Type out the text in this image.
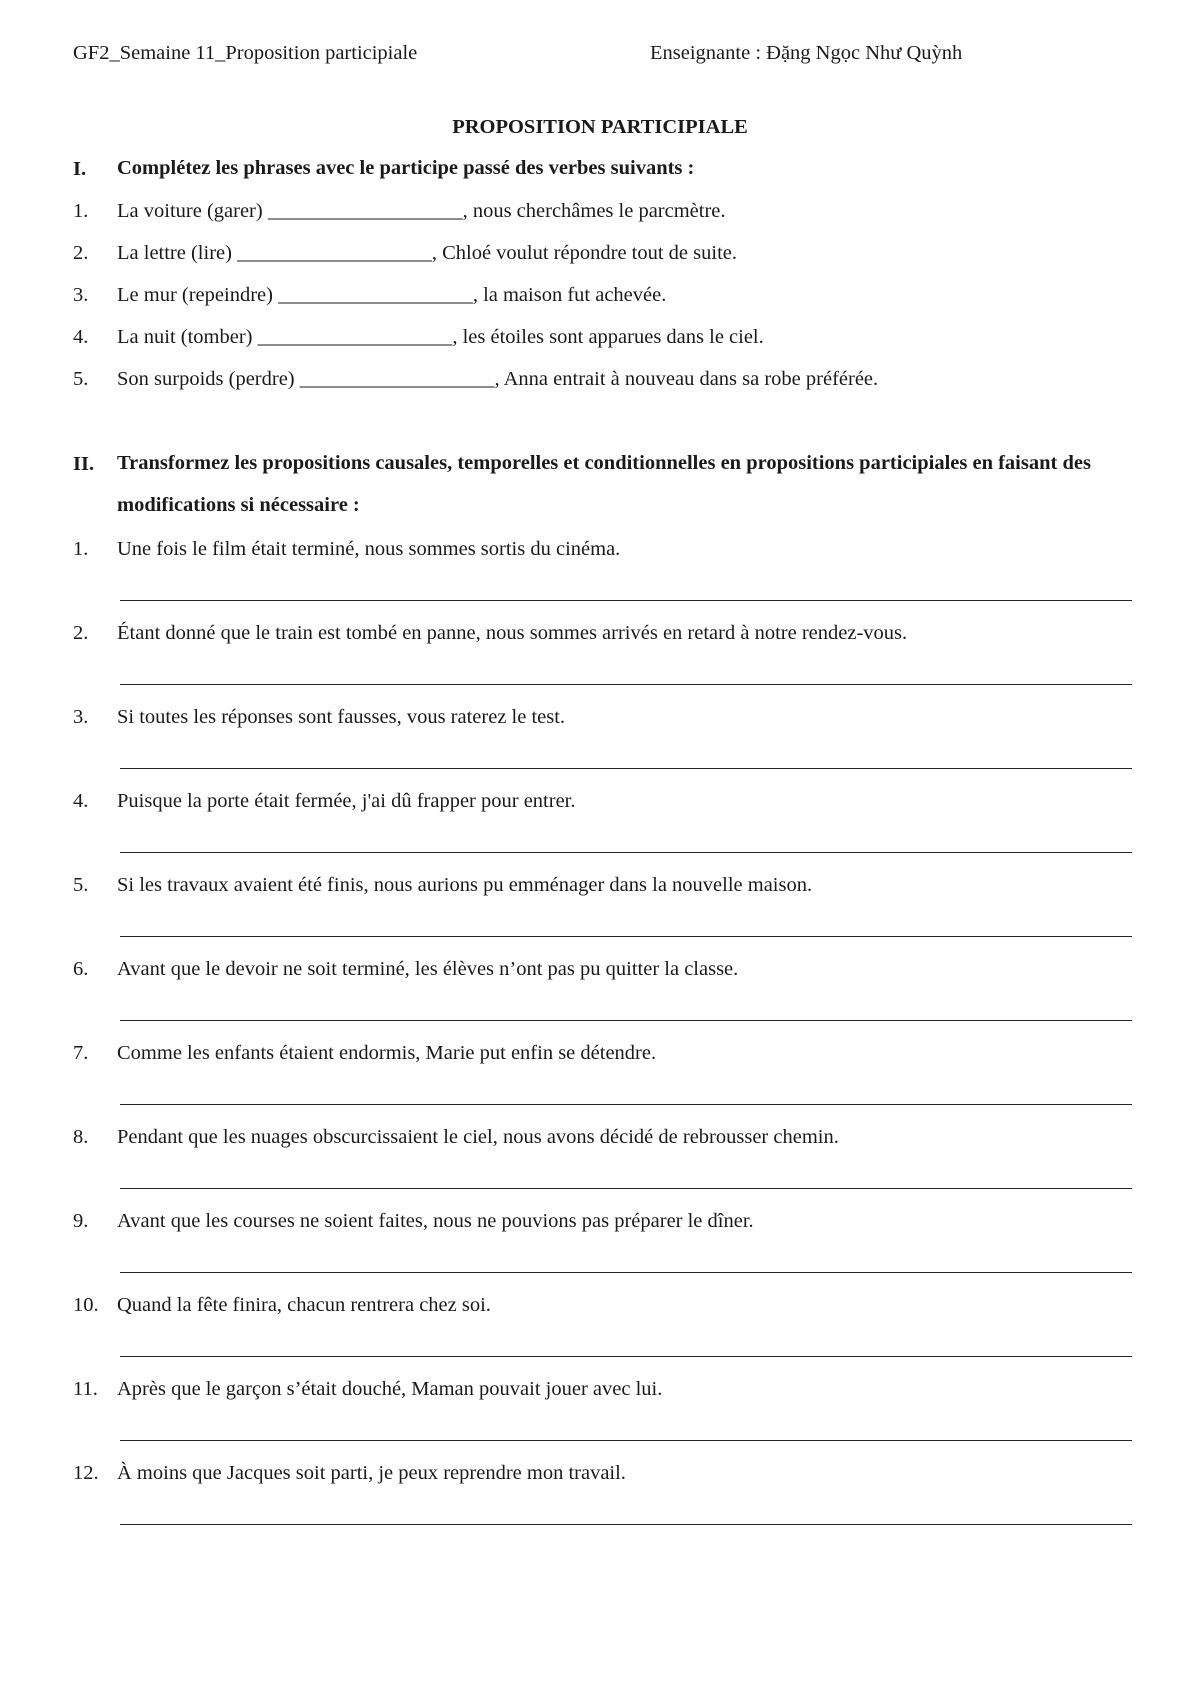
GF2_Semaine 11_Proposition participiale	Enseignante : Đặng Ngọc Như Quỳnh
PROPOSITION PARTICIPIALE
I. Complétez les phrases avec le participe passé des verbes suivants :
1. La voiture (garer) ___________________, nous cherchâmes le parcmètre.
2. La lettre (lire) ___________________, Chloé voulut répondre tout de suite.
3. Le mur (repeindre) ___________________, la maison fut achevée.
4. La nuit (tomber) ___________________, les étoiles sont apparues dans le ciel.
5. Son surpoids (perdre) ___________________, Anna entrait à nouveau dans sa robe préférée.
II. Transformez les propositions causales, temporelles et conditionnelles en propositions participiales en faisant des modifications si nécessaire :
1. Une fois le film était terminé, nous sommes sortis du cinéma.
2. Étant donné que le train est tombé en panne, nous sommes arrivés en retard à notre rendez-vous.
3. Si toutes les réponses sont fausses, vous raterez le test.
4. Puisque la porte était fermée, j'ai dû frapper pour entrer.
5. Si les travaux avaient été finis, nous aurions pu emménager dans la nouvelle maison.
6. Avant que le devoir ne soit terminé, les élèves n’ont pas pu quitter la classe.
7. Comme les enfants étaient endormis, Marie put enfin se détendre.
8. Pendant que les nuages obscurcissaient le ciel, nous avons décidé de rebrousser chemin.
9. Avant que les courses ne soient faites, nous ne pouvions pas préparer le dîner.
10. Quand la fête finira, chacun rentrera chez soi.
11. Après que le garçon s’était douché, Maman pouvait jouer avec lui.
12. À moins que Jacques soit parti, je peux reprendre mon travail.
